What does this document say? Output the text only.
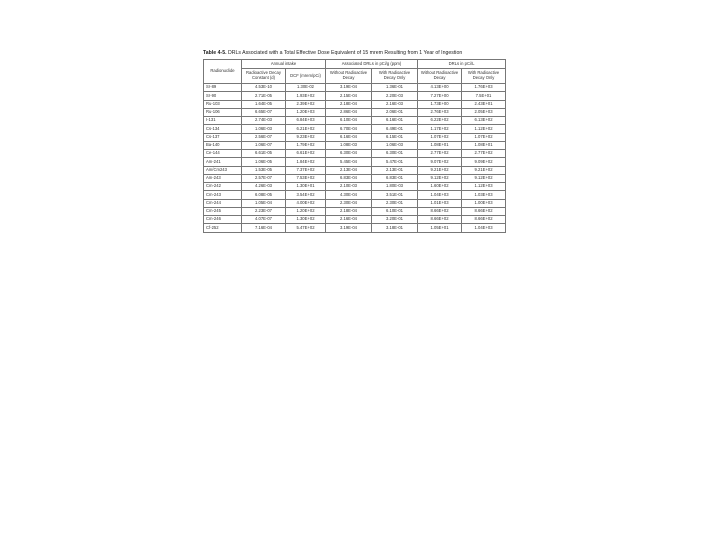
Table 4-5. DRLs Associated with a Total Effective Dose Equivalent of 15 mrem Resulting from 1 Year of Ingestion
Radionuclide	Annual intake		Associated DRLs in pCi/g (ppm)		DRLs in pCi/L	
	Radioactive Decay Constant (d)	DCF (mrem/pCi)	Without Radioactive Decay	With Radioactive Decay Only	Without Radioactive Decay	With Radioactive Decay Only
Sr-89	4.53E-10	1.30E-02	3.19E-04	1.36E-01	4.13E+00	1.76E+03
Sr-90	2.71E-05	1.93E+02	2.15E-04	2.20E-03	7.27E+00	7.5E+01
Ru-103	1.64E-05	2.39E+02	2.18E-04	2.16E-03	1.73E+00	2.43E+01
Ru-106	6.65E-07	1.20E+03	2.86E-04	2.06E-01	2.76E+03	2.05E+03
I-131	2.74E-03	6.84E+03	6.10E-04	6.16E-01	6.22E+02	6.13E+02
Cs-134	1.06E-03	6.21E+02	6.70E-04	6.49E-01	1.17E+02	1.12E+02
Cs-137	2.56E-07	9.23E+02	6.16E-04	6.15E-01	1.07E+02	1.07E+02
Ba-140	1.06E-07	1.79E+02	1.08E-03	1.06E-03	1.08E+01	1.08E+01
Ce-144	6.61E-05	6.61E+02	6.30E-04	6.30E-01	2.77E+02	2.77E+02
Am-241	1.06E-05	1.84E+02	5.45E-04	5.47E-01	9.07E+02	9.09E+02
Am/Cm243	1.53E-05	7.37E+02	2.13E-04	2.13E-01	9.21E+02	9.21E+02
Am-243	2.57E-07	7.53E+02	6.83E-04	6.83E-01	9.12E+02	9.12E+02
Cm-242	4.26E-03	1.30E+01	2.10E-03	1.80E-03	1.60E+02	1.12E+03
Cm-243	6.08E-05	3.54E+02	4.30E-04	3.51E-01	1.04E+03	1.03E+03
Cm-244	1.05E-04	4.00E+02	2.30E-04	2.30E-01	1.01E+03	1.00E+03
Cm-245	2.23E-07	1.20E+02	2.18E-04	6.10E-01	8.66E+02	8.66E+02
Cm-246	4.07E-07	1.30E+02	2.16E-04	3.20E-01	8.66E+02	8.66E+02
Cf-252	7.16E-04	5.47E+02	3.19E-04	3.18E-01	1.05E+01	1.04E+03
